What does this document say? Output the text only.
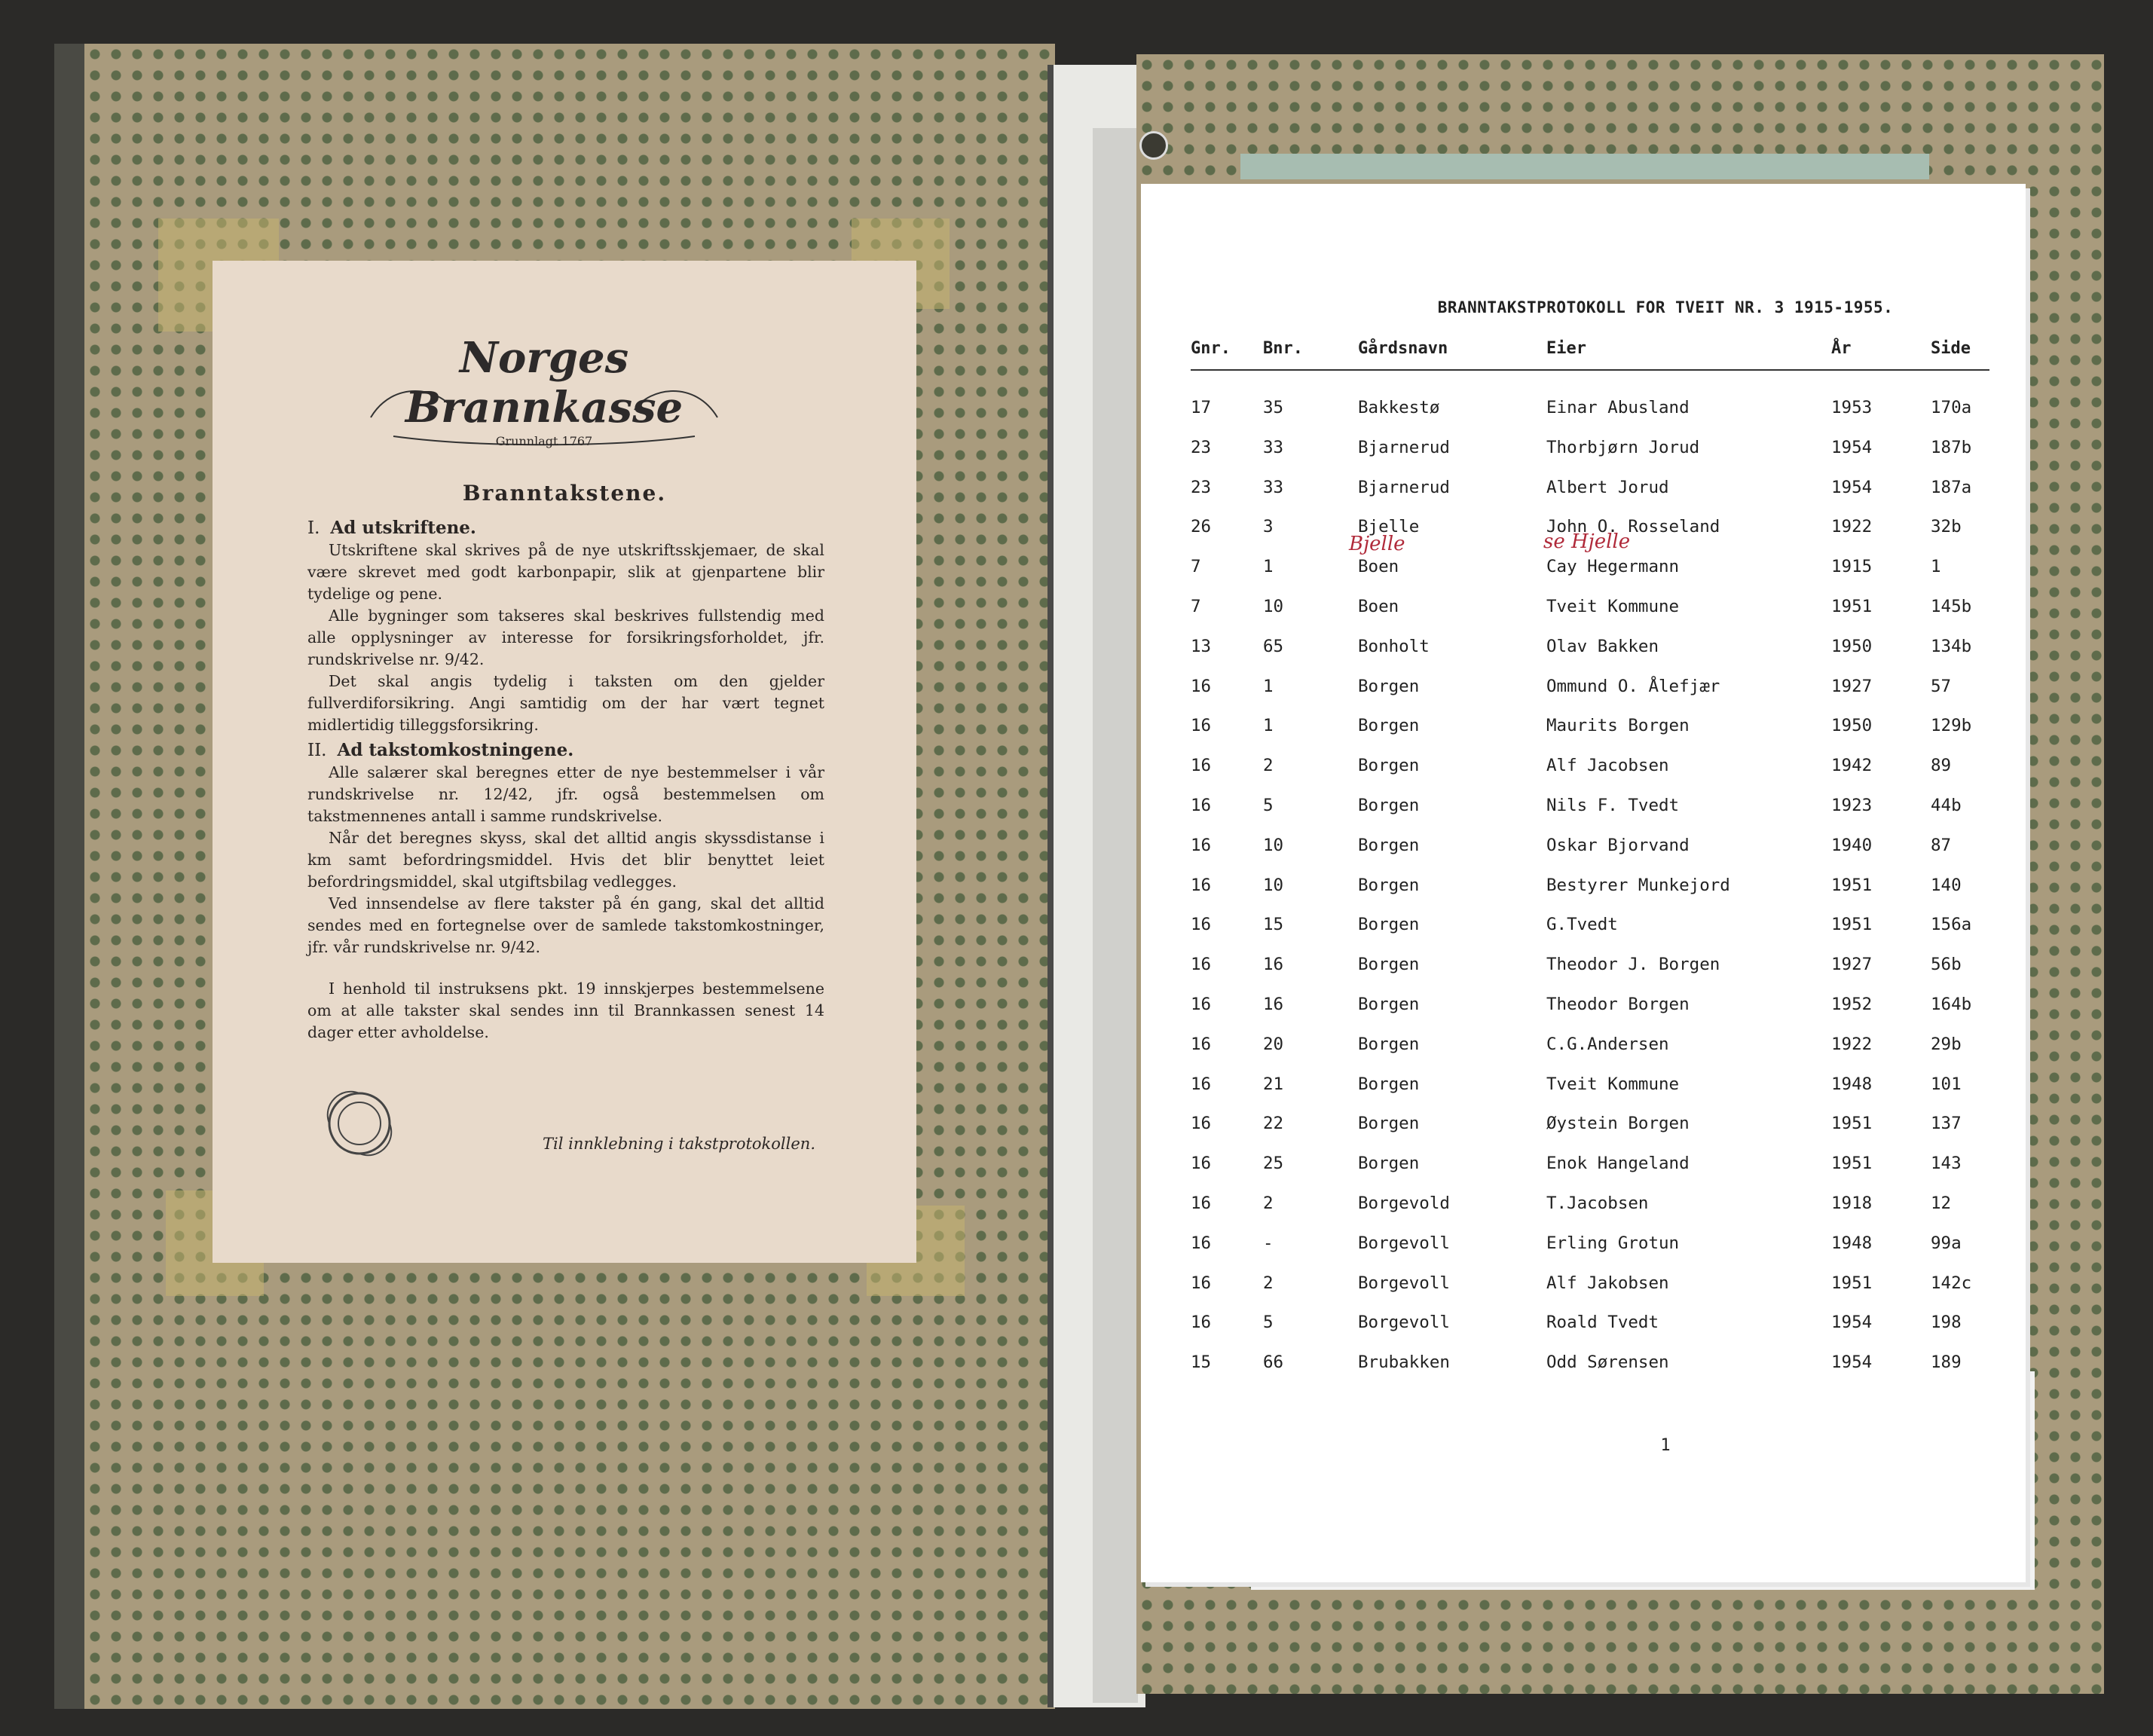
Norges Brannkasse
Grunnlagt 1767
Branntakstene.
I. Ad utskriftene.

Utskriftene skal skrives på de nye utskriftsskjemaer, de skal være skrevet med godt karbonpapir, slik at gjenpartene blir tydelige og pene.

Alle bygninger som takseres skal beskrives fullstendig med alle opplysninger av interesse for forsikringsforholdet, jfr. rundskrivelse nr. 9/42.

Det skal angis tydelig i taksten om den gjelder fullverdiforsikring. Angi samtidig om der har vært tegnet midlertidig tilleggsforsikring.

II. Ad takstomkostningene.

Alle salærer skal beregnes etter de nye bestemmelser i vår rundskrivelse nr. 12/42, jfr. også bestemmelsen om takstmennenes antall i samme rundskrivelse.

Når det beregnes skyss, skal det alltid angis skyssdistanse i km samt befordringsmiddel. Hvis det blir benyttet leiet befordringsmiddel, skal utgiftsbilag vedlegges.

Ved innsendelse av flere takster på én gang, skal det alltid sendes med en fortegnelse over de samlede takstomkostninger, jfr. vår rundskrivelse nr. 9/42.

I henhold til instruksens pkt. 19 innskjerpes bestemmelsene om at alle takster skal sendes inn til Brannkassen senest 14 dager etter avholdelse.

Til innklebning i takstprotokollen.
BRANNTAKSTPROTOKOLL FOR TVEIT NR. 3 1915-1955.
Gnr. Bnr.	Gårdsnavn	Eier	År	Side
17	35	Bakkestø	Einar Abusland	1953	170a
23	33	Bjarnerud	Thorbjørn Jorud	1954	187b
23	33	Bjarnerud	Albert Jorud	1954	187a
26	3	Bjelle	John O. Rosseland	1922	32b
7	1	Boen	Cay Hegermann	1915	1
7	10	Boen	Tveit Kommune	1951	145b
13	65	Bonholt	Olav Bakken	1950	134b
16	1	Borgen	Ommund O. Ålefjær	1927	57
16	1	Borgen	Maurits Borgen	1950	129b
16	2	Borgen	Alf Jacobsen	1942	89
16	5	Borgen	Nils F. Tvedt	1923	44b
16	10	Borgen	Oskar Bjorvand	1940	87
16	10	Borgen	Bestyrer Munkejord	1951	140
16	15	Borgen	G.Tvedt	1951	156a
16	16	Borgen	Theodor J. Borgen	1927	56b
16	16	Borgen	Theodor Borgen	1952	164b
16	20	Borgen	C.G.Andersen	1922	29b
16	21	Borgen	Tveit Kommune	1948	101
16	22	Borgen	Øystein Borgen	1951	137
16	25	Borgen	Enok Hangeland	1951	143
16	2	Borgevold	T.Jacobsen	1918	12
16	-	Borgevoll	Erling Grotun	1948	99a
16	2	Borgevoll	Alf Jakobsen	1951	142c
16	5	Borgevoll	Roald Tvedt	1954	198
15	66	Brubakken	Odd Sørensen	1954	189
Bjelle	se Hjelle
1
